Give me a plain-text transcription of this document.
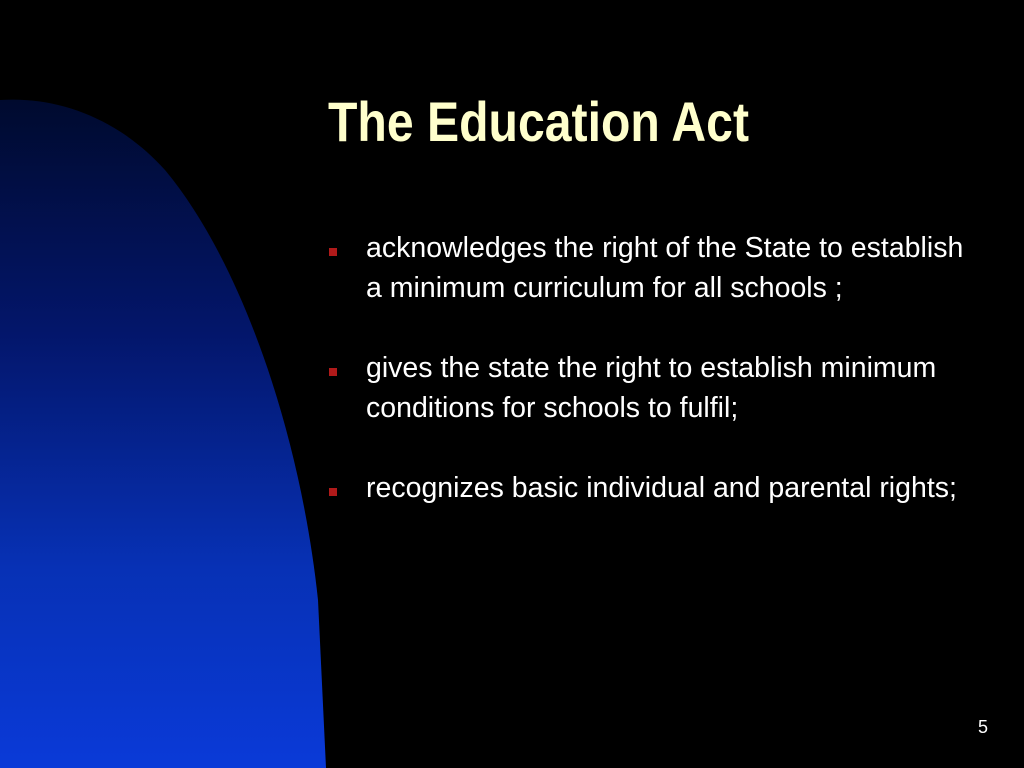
The Education Act
acknowledges the right of the State to establish a minimum curriculum for all schools ;
gives the state the right to establish minimum conditions for schools to fulfil;
recognizes basic individual and parental rights;
5
